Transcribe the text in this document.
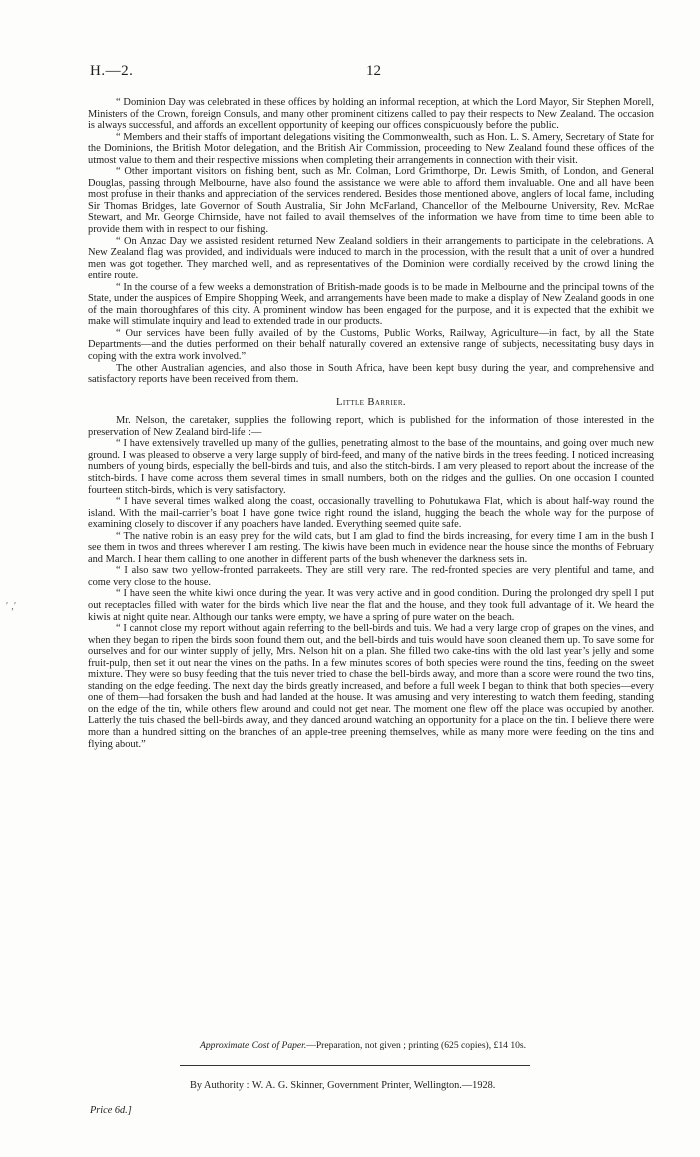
H.—2.	12
ʹ ‚ʹ

“ Dominion Day was celebrated in these offices by holding an informal reception, at which the Lord Mayor, Sir Stephen Morell, Ministers of the Crown, foreign Consuls, and many other prominent citizens called to pay their respects to New Zealand. The occasion is always successful, and affords an excellent opportunity of keeping our offices conspicuously before the public.

“ Members and their staffs of important delegations visiting the Commonwealth, such as Hon. L. S. Amery, Secretary of State for the Dominions, the British Motor delegation, and the British Air Commission, proceeding to New Zealand found these offices of the utmost value to them and their respective missions when completing their arrangements in connection with their visit.

“ Other important visitors on fishing bent, such as Mr. Colman, Lord Grimthorpe, Dr. Lewis Smith, of London, and General Douglas, passing through Melbourne, have also found the assistance we were able to afford them invaluable. One and all have been most profuse in their thanks and appreciation of the services rendered. Besides those mentioned above, anglers of local fame, including Sir Thomas Bridges, late Governor of South Australia, Sir John McFarland, Chancellor of the Melbourne University, Rev. McRae Stewart, and Mr. George Chirnside, have not failed to avail themselves of the information we have from time to time been able to provide them with in respect to our fishing.

“ On Anzac Day we assisted resident returned New Zealand soldiers in their arrangements to participate in the celebrations. A New Zealand flag was provided, and individuals were induced to march in the procession, with the result that a unit of over a hundred men was got together. They marched well, and as representatives of the Dominion were cordially received by the crowd lining the entire route.

“ In the course of a few weeks a demonstration of British-made goods is to be made in Melbourne and the principal towns of the State, under the auspices of Empire Shopping Week, and arrangements have been made to make a display of New Zealand goods in one of the main thoroughfares of this city. A prominent window has been engaged for the purpose, and it is expected that the exhibit we make will stimulate inquiry and lead to extended trade in our products.

“ Our services have been fully availed of by the Customs, Public Works, Railway, Agriculture—in fact, by all the State Departments—and the duties performed on their behalf naturally covered an extensive range of subjects, necessitating busy days in coping with the extra work involved.”

The other Australian agencies, and also those in South Africa, have been kept busy during the year, and comprehensive and satisfactory reports have been received from them.

Little Barrier.

Mr. Nelson, the caretaker, supplies the following report, which is published for the information of those interested in the preservation of New Zealand bird-life :—

“ I have extensively travelled up many of the gullies, penetrating almost to the base of the mountains, and going over much new ground. I was pleased to observe a very large supply of bird-feed, and many of the native birds in the trees feeding. I noticed increasing numbers of young birds, especially the bell-birds and tuis, and also the stitch-birds. I am very pleased to report about the increase of the stitch-birds. I have come across them several times in small numbers, both on the ridges and the gullies. On one occasion I counted fourteen stitch-birds, which is very satisfactory.

“ I have several times walked along the coast, occasionally travelling to Pohutukawa Flat, which is about half-way round the island. With the mail-carrier’s boat I have gone twice right round the island, hugging the beach the whole way for the purpose of examining closely to discover if any poachers have landed. Everything seemed quite safe.

“ The native robin is an easy prey for the wild cats, but I am glad to find the birds increasing, for every time I am in the bush I see them in twos and threes wherever I am resting. The kiwis have been much in evidence near the house since the months of February and March. I hear them calling to one another in different parts of the bush whenever the darkness sets in.

“ I also saw two yellow-fronted parrakeets. They are still very rare. The red-fronted species are very plentiful and tame, and come very close to the house.

“ I have seen the white kiwi once during the year. It was very active and in good condition. During the prolonged dry spell I put out receptacles filled with water for the birds which live near the flat and the house, and they took full advantage of it. We heard the kiwis at night quite near. Although our tanks were empty, we have a spring of pure water on the beach.

“ I cannot close my report without again referring to the bell-birds and tuis. We had a very large crop of grapes on the vines, and when they began to ripen the birds soon found them out, and the bell-birds and tuis would have soon cleaned them up. To save some for ourselves and for our winter supply of jelly, Mrs. Nelson hit on a plan. She filled two cake-tins with the old last year’s jelly and some fruit-pulp, then set it out near the vines on the paths. In a few minutes scores of both species were round the tins, feeding on the sweet mixture. They were so busy feeding that the tuis never tried to chase the bell-birds away, and more than a score were round the two tins, standing on the edge feeding. The next day the birds greatly increased, and before a full week I began to think that both species—every one of them—had forsaken the bush and had landed at the house. It was amusing and very interesting to watch them feeding, standing on the edge of the tin, while others flew around and could not get near. The moment one flew off the place was occupied by another. Latterly the tuis chased the bell-birds away, and they danced around watching an opportunity for a place on the tin. I believe there were more than a hundred sitting on the branches of an apple-tree preening themselves, while as many more were feeding on the tins and flying about.”

Approximate Cost of Paper.—Preparation, not given ; printing (625 copies), £14 10s.
By Authority : W. A. G. Skinner, Government Printer, Wellington.—1928.
Price 6d.]
